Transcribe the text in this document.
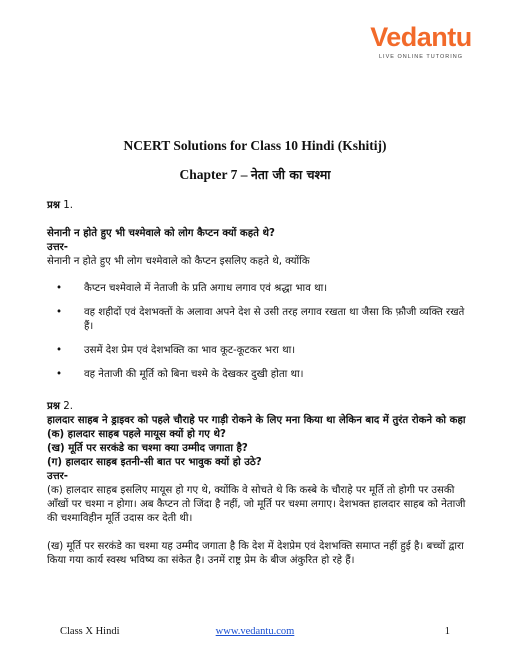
Vedantu
LIVE ONLINE TUTORING
NCERT Solutions for Class 10 Hindi (Kshitij)
Chapter 7 – नेता जी का चश्मा
प्रश्न 1.
सेनानी न होते हुए भी चश्मेवाले को लोग कैप्टन क्यों कहते थे?
उत्तर-
सेनानी न होते हुए भी लोग चश्मेवाले को कैप्टन इसलिए कहते थे, क्योंकि
• कैप्टन चश्मेवाले में नेताजी के प्रति अगाध लगाव एवं श्रद्धा भाव था।
• वह शहीदों एवं देशभक्तों के अलावा अपने देश से उसी तरह लगाव रखता था जैसा कि फ़ौजी व्यक्ति रखते हैं।
• उसमें देश प्रेम एवं देशभक्ति का भाव कूट-कूटकर भरा था।
• वह नेताजी की मूर्ति को बिना चश्मे के देखकर दुखी होता था।
प्रश्न 2.
हालदार साहब ने ड्राइवर को पहले चौराहे पर गाड़ी रोकने के लिए मना किया था लेकिन बाद में तुरंत रोकने को कहा
(क) हालदार साहब पहले मायूस क्यों हो गए थे?
(ख) मूर्ति पर सरकंडे का चश्मा क्या उम्मीद जगाता है?
(ग) हालदार साहब इतनी-सी बात पर भावुक क्यों हो उठे?
उत्तर-
(क) हालदार साहब इसलिए मायूस हो गए थे, क्योंकि वे सोचते थे कि कस्बे के चौराहे पर मूर्ति तो होगी पर उसकी आँखों पर चश्मा न होगा। अब कैप्टन तो जिंदा है नहीं, जो मूर्ति पर चश्मा लगाए। देशभक्त हालदार साहब को नेताजी की चश्माविहीन मूर्ति उदास कर देती थी।
(ख) मूर्ति पर सरकंडे का चश्मा यह उम्मीद जगाता है कि देश में देशप्रेम एवं देशभक्ति समाप्त नहीं हुई है। बच्चों द्वारा किया गया कार्य स्वस्थ भविष्य का संकेत है। उनमें राष्ट्र प्रेम के बीज अंकुरित हो रहे हैं।
Class X Hindi	www.vedantu.com	1
